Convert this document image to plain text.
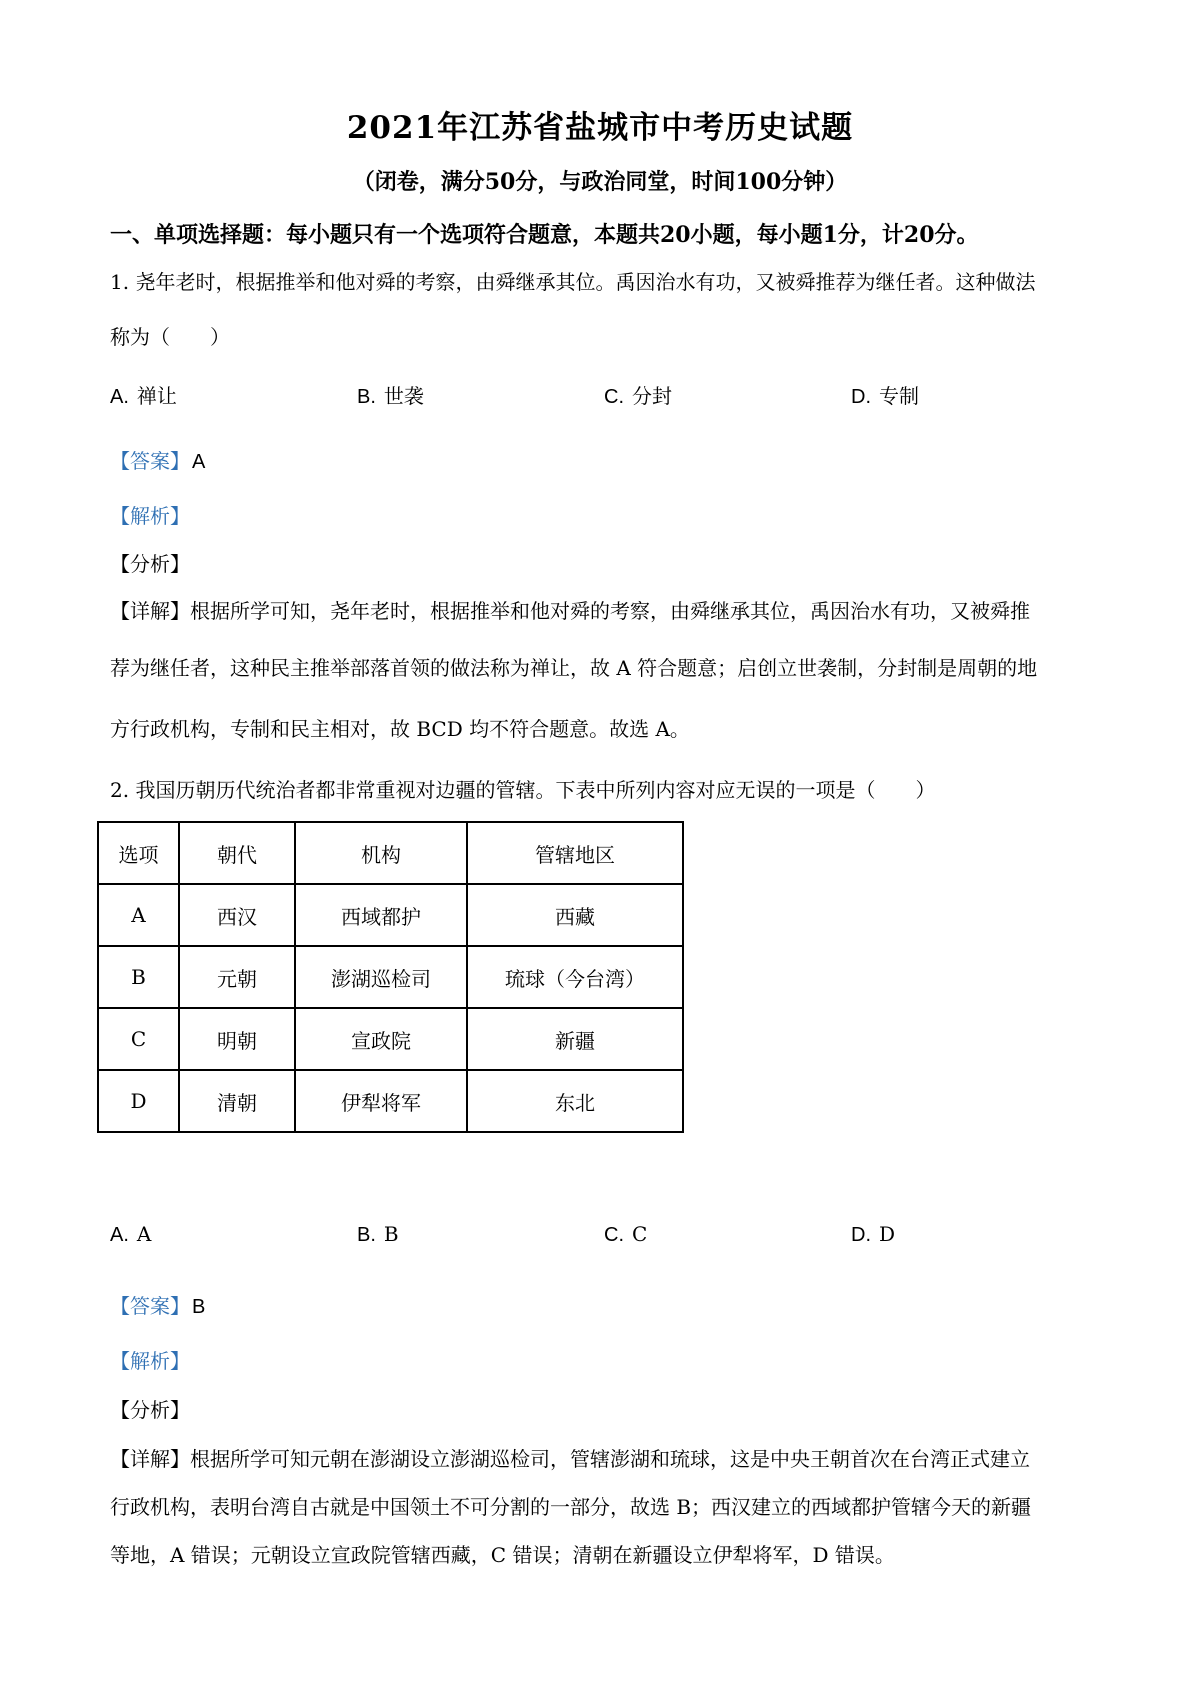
2021年江苏省盐城市中考历史试题
（闭卷，满分50分，与政治同堂，时间100分钟）
一、单项选择题：每小题只有一个选项符合题意，本题共20小题，每小题1分，计20分。
1. 尧年老时，根据推举和他对舜的考察，由舜继承其位。禹因治水有功，又被舜推荐为继任者。这种做法
称为（　　）
A. 禅让	B. 世袭	C. 分封	D. 专制
【答案】 A
【解析】
【分析】
【详解】根据所学可知，尧年老时，根据推举和他对舜的考察，由舜继承其位，禹因治水有功，又被舜推
荐为继任者，这种民主推举部落首领的做法称为禅让，故 A 符合题意；启创立世袭制，分封制是周朝的地
方行政机构，专制和民主相对，故 BCD 均不符合题意。故选 A。
2. 我国历朝历代统治者都非常重视对边疆的管辖。下表中所列内容对应无误的一项是（　　）
选项	朝代	机构	管辖地区
A	西汉	西域都护	西藏
B	元朝	澎湖巡检司	琉球（今台湾）
C	明朝	宣政院	新疆
D	清朝	伊犁将军	东北
A. A	B. B	C. C	D. D
【答案】 B
【解析】
【分析】
【详解】根据所学可知元朝在澎湖设立澎湖巡检司，管辖澎湖和琉球，这是中央王朝首次在台湾正式建立
行政机构，表明台湾自古就是中国领土不可分割的一部分，故选 B；西汉建立的西域都护管辖今天的新疆
等地，A 错误；元朝设立宣政院管辖西藏，C 错误；清朝在新疆设立伊犁将军，D 错误。
